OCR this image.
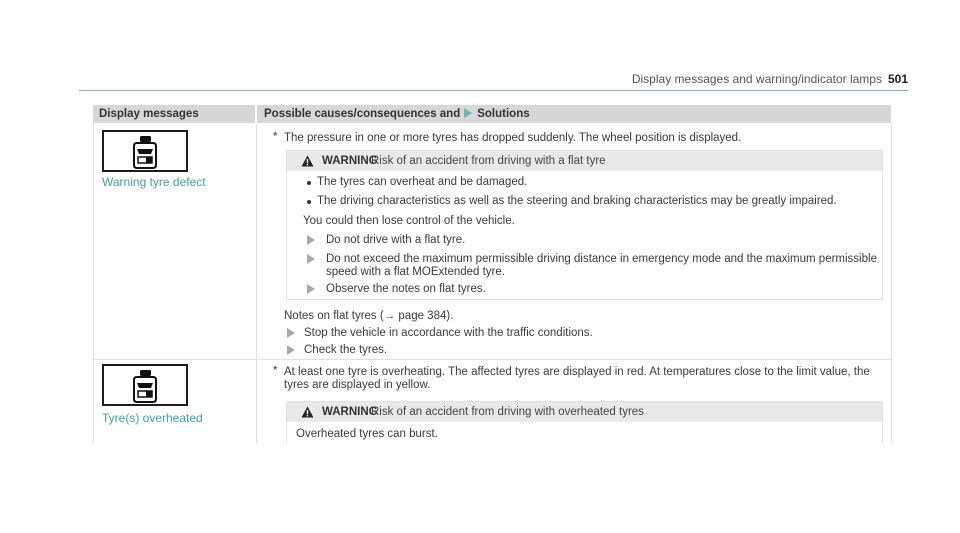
Display messages and warning/indicator lamps 501
Display messages	Possible causes/consequences and Solutions
Warning tyre defect
* The pressure in one or more tyres has dropped suddenly. The wheel position is displayed.
WARNING
Risk of an accident from driving with a flat tyre
The tyres can overheat and be damaged.
The driving characteristics as well as the steering and braking characteristics may be greatly impaired.
You could then lose control of the vehicle.
Do not drive with a flat tyre.
Do not exceed the maximum permissible driving distance in emergency mode and the maximum permissible
speed with a flat MOExtended tyre.
Observe the notes on flat tyres.
Notes on flat tyres (→ page 384).
Stop the vehicle in accordance with the traffic conditions.
Check the tyres.
Tyre(s) overheated
* At least one tyre is overheating. The affected tyres are displayed in red. At temperatures close to the limit value, the
tyres are displayed in yellow.
WARNING
Risk of an accident from driving with overheated tyres
Overheated tyres can burst.
